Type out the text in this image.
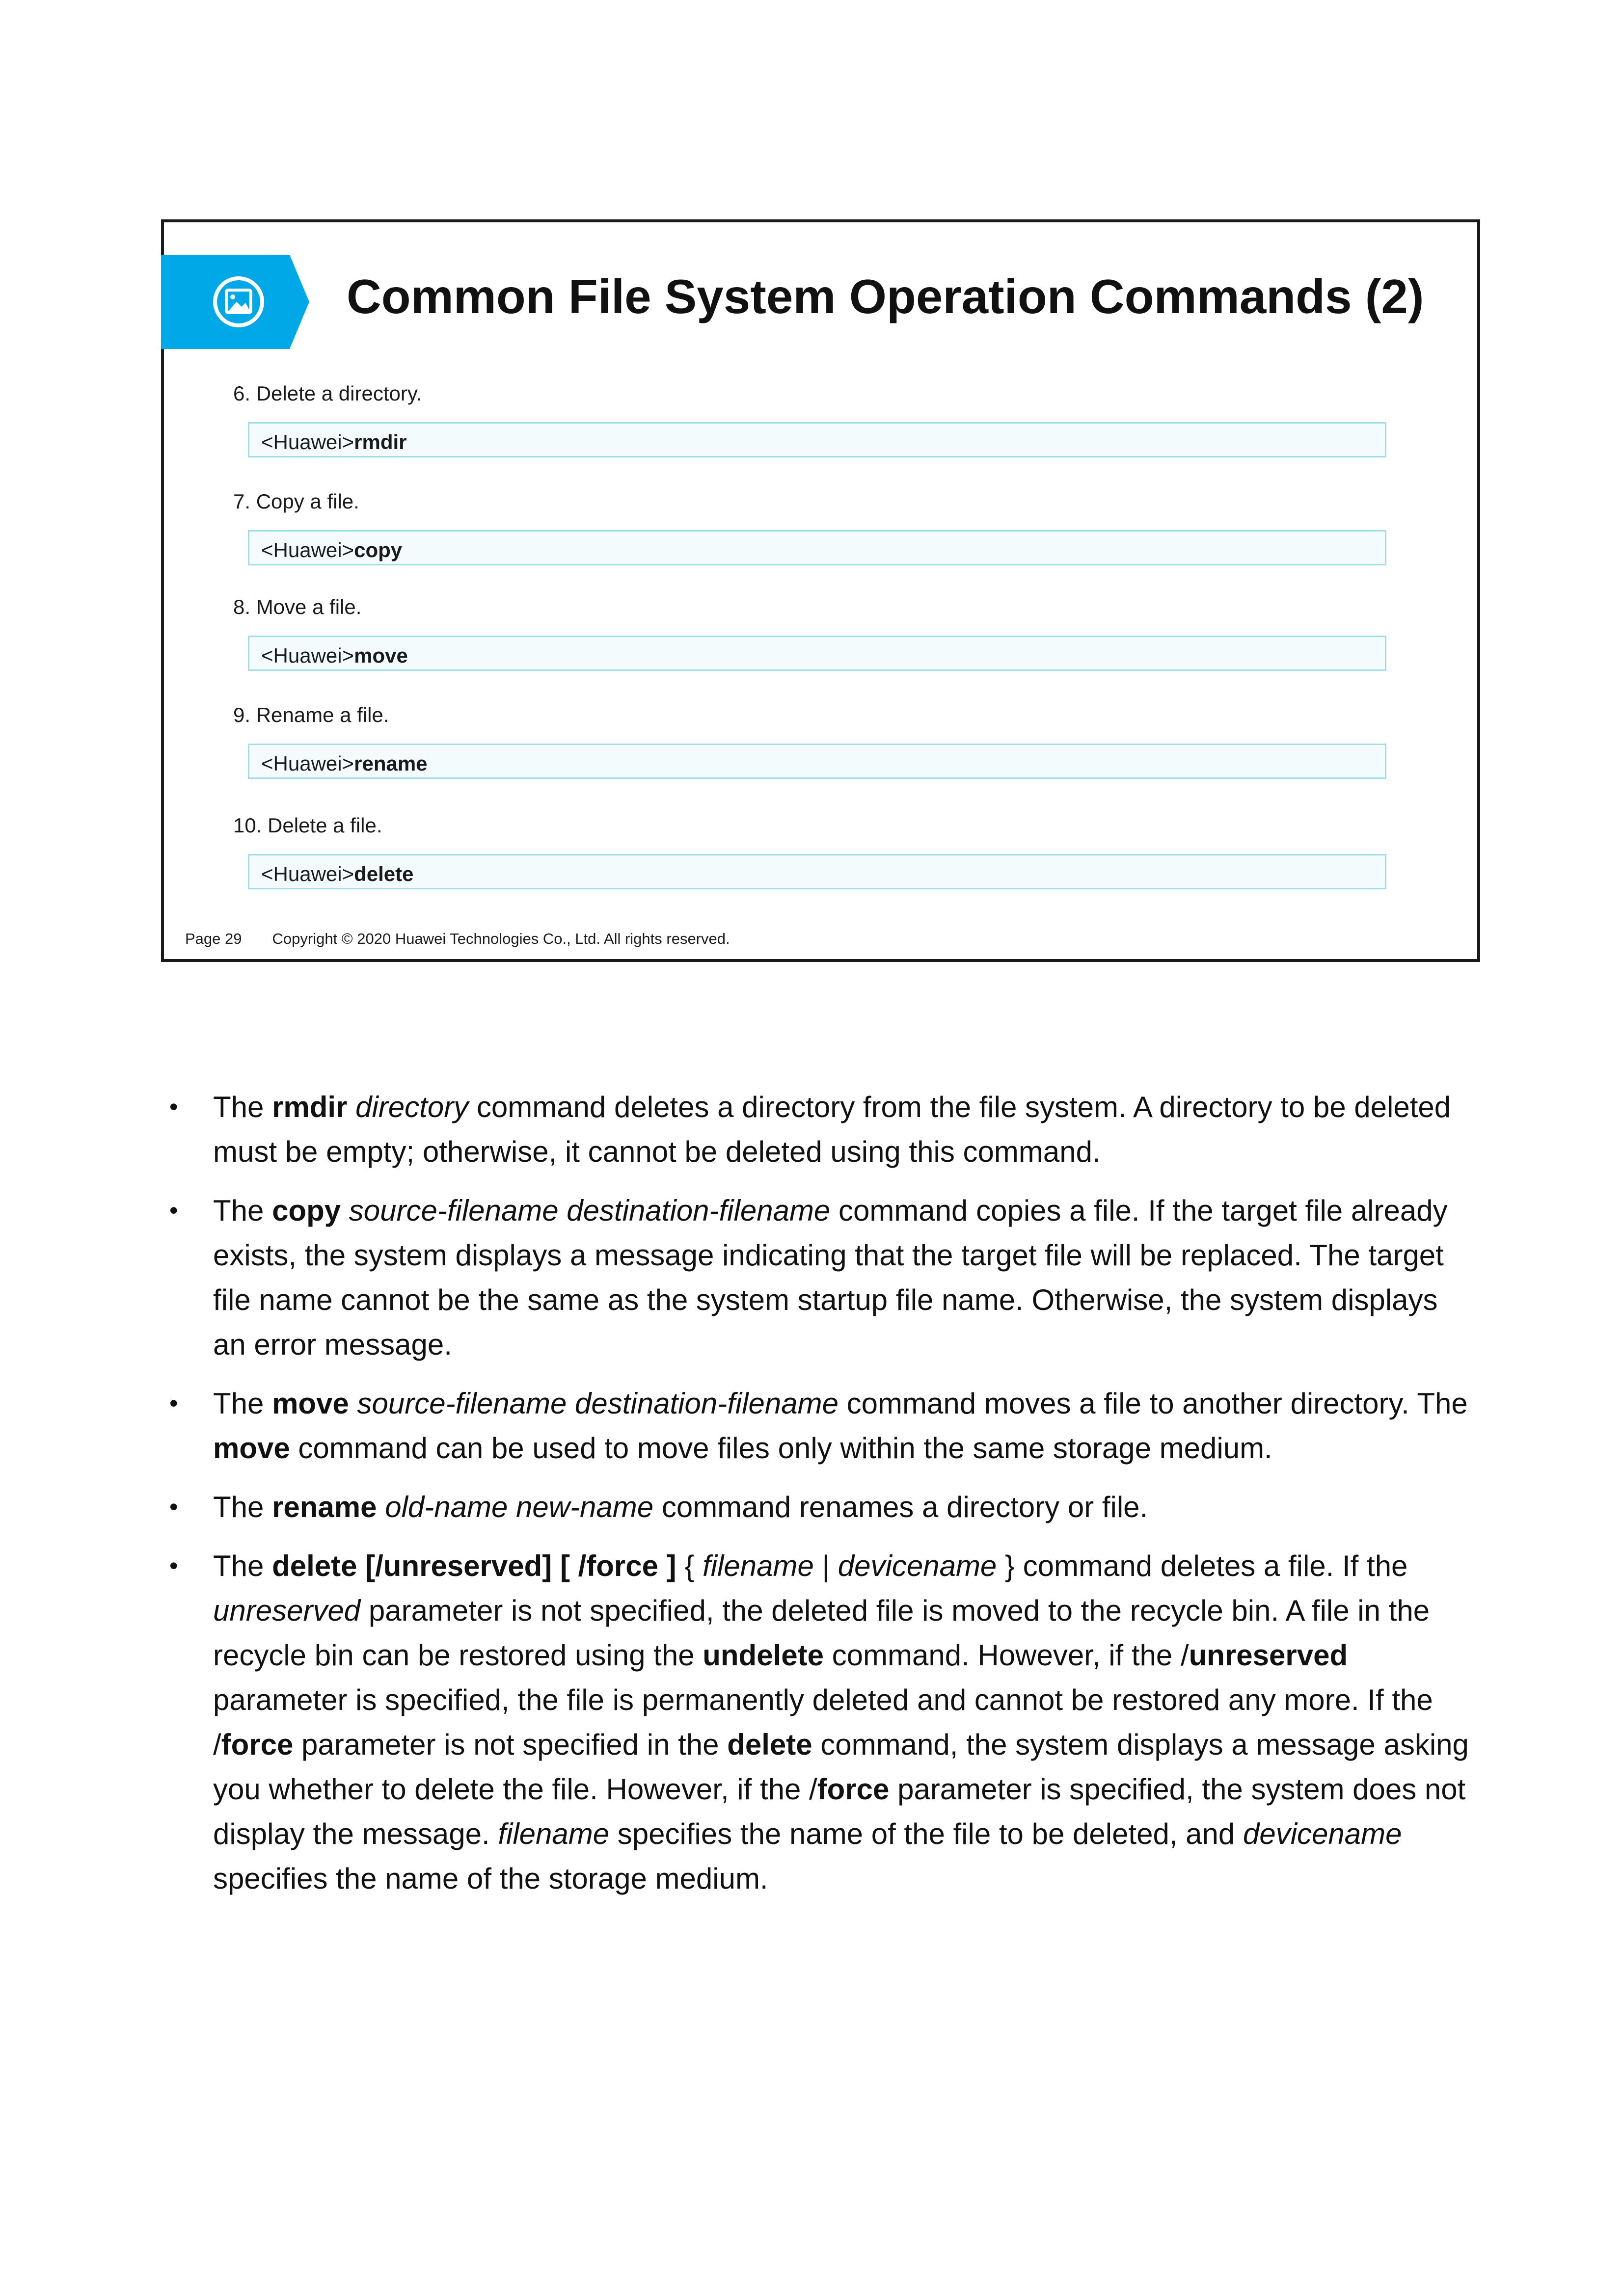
Common File System Operation Commands (2)
6. Delete a directory.
<Huawei>rmdir
7. Copy a file.
<Huawei>copy
8. Move a file.
<Huawei>move
9. Rename a file.
<Huawei>rename
10. Delete a file.
<Huawei>delete
Page 29 Copyright © 2020 Huawei Technologies Co., Ltd. All rights reserved.
• The rmdir directory command deletes a directory from the file system. A directory to be deleted must be empty; otherwise, it cannot be deleted using this command.
• The copy source-filename destination-filename command copies a file. If the target file already exists, the system displays a message indicating that the target file will be replaced. The target file name cannot be the same as the system startup file name. Otherwise, the system displays an error message.
• The move source-filename destination-filename command moves a file to another directory. The move command can be used to move files only within the same storage medium.
• The rename old-name new-name command renames a directory or file.
• The delete [/unreserved] [ /force ] { filename | devicename } command deletes a file. If the unreserved parameter is not specified, the deleted file is moved to the recycle bin. A file in the recycle bin can be restored using the undelete command. However, if the /unreserved parameter is specified, the file is permanently deleted and cannot be restored any more. If the /force parameter is not specified in the delete command, the system displays a message asking you whether to delete the file. However, if the /force parameter is specified, the system does not display the message. filename specifies the name of the file to be deleted, and devicename specifies the name of the storage medium.
